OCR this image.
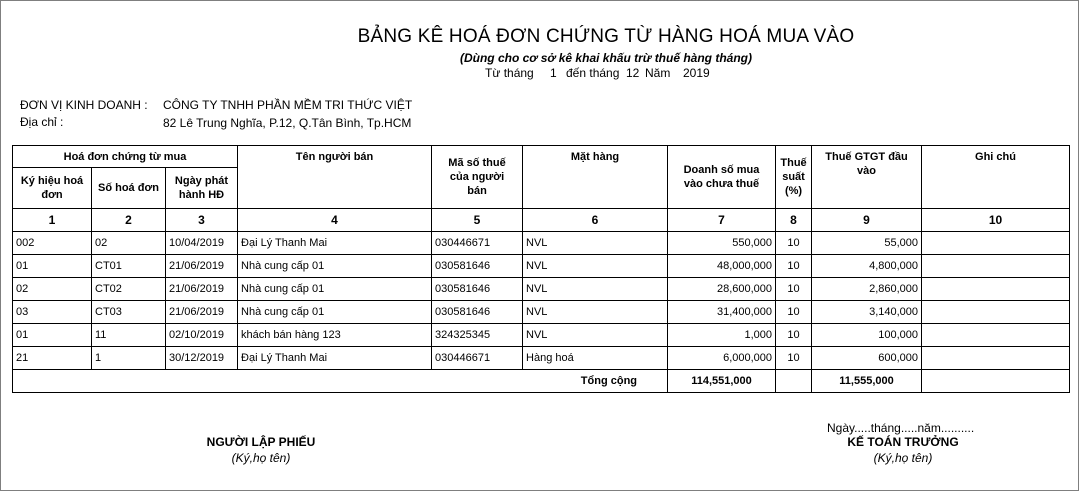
BẢNG KÊ HOÁ ĐƠN CHỨNG TỪ HÀNG HOÁ MUA VÀO
(Dùng cho cơ sở kê khai khấu trừ thuế hàng tháng)
Từ tháng 1 đến tháng 12 Năm 2019
ĐƠN VỊ KINH DOANH : CÔNG TY TNHH PHẦN MỀM TRI THỨC VIỆT
Địa chỉ :	82 Lê Trung Nghĩa, P.12, Q.Tân Bình, Tp.HCM
Hoá đơn chứng từ mua			Tên người bán	Mã số thuế của người bán	Mặt hàng	Doanh số mua vào chưa thuế	Thuế suất (%)	Thuế GTGT đầu vào	Ghi chú
Ký hiệu hoá đơn	Số hoá đơn	Ngày phát hành HĐ							
1	2	3	4	5	6	7	8	9	10
002	02	10/04/2019	Đại Lý Thanh Mai	030446671	NVL	550,000	10	55,000	
01	CT01	21/06/2019	Nhà cung cấp 01	030581646	NVL	48,000,000	10	4,800,000	
02	CT02	21/06/2019	Nhà cung cấp 01	030581646	NVL	28,600,000	10	2,860,000	
03	CT03	21/06/2019	Nhà cung cấp 01	030581646	NVL	31,400,000	10	3,140,000	
01	11	02/10/2019	khách bán hàng 123	324325345	NVL	1,000	10	100,000	
21	1	30/12/2019	Đại Lý Thanh Mai	030446671	Hàng hoá	6,000,000	10	600,000	
Tổng cộng						114,551,000		11,555,000	
Ngày.....tháng.....năm..........
NGƯỜI LẬP PHIẾU
(Ký,họ tên)
KẾ TOÁN TRƯỞNG
(Ký,họ tên)
